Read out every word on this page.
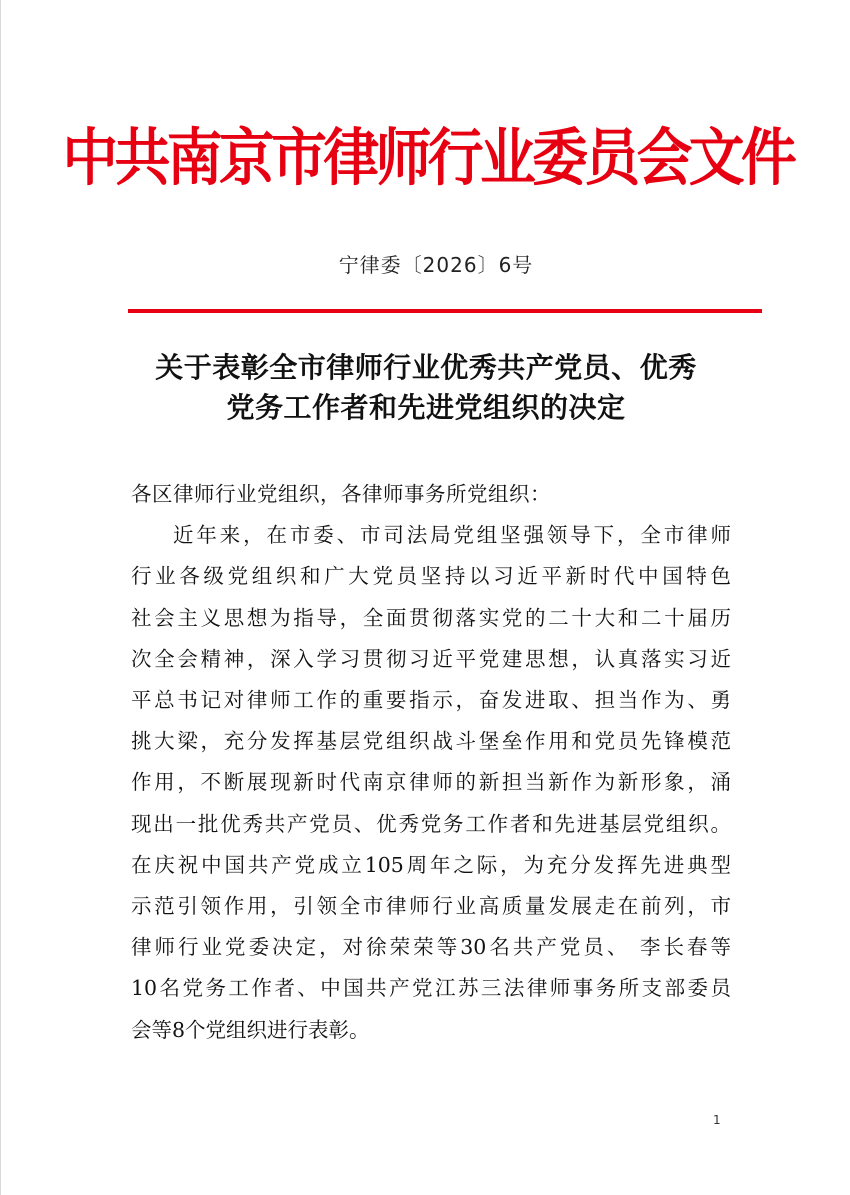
中共南京市律师行业委员会文件
宁律委〔2026〕6号
关于表彰全市律师行业优秀共产党员、优秀
党务工作者和先进党组织的决定
各区律师行业党组织，各律师事务所党组织：
近年来，在市委、市司法局党组坚强领导下，全市律师
行业各级党组织和广大党员坚持以习近平新时代中国特色
社会主义思想为指导，全面贯彻落实党的二十大和二十届历
次全会精神，深入学习贯彻习近平党建思想，认真落实习近
平总书记对律师工作的重要指示，奋发进取、担当作为、勇
挑大梁，充分发挥基层党组织战斗堡垒作用和党员先锋模范
作用，不断展现新时代南京律师的新担当新作为新形象，涌
现出一批优秀共产党员、优秀党务工作者和先进基层党组织。
在庆祝中国共产党成立105周年之际，为充分发挥先进典型
示范引领作用，引领全市律师行业高质量发展走在前列，市
律师行业党委决定，对徐荣荣等30名共产党员、 李长春等
10名党务工作者、中国共产党江苏三法律师事务所支部委员
会等8个党组织进行表彰。
1
